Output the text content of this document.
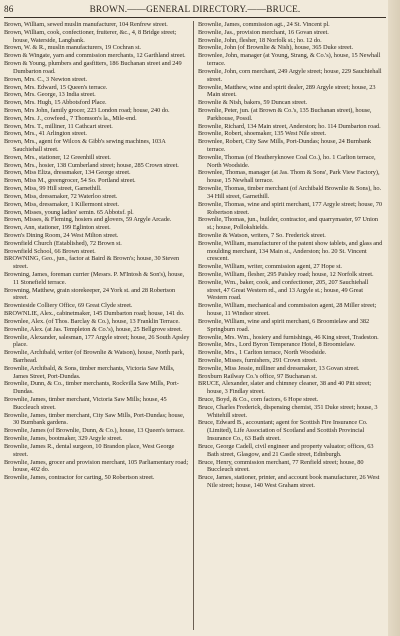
86	BROWN.——GENERAL DIRECTORY.——BRUCE.

Brown, William, sewed muslin manufacturer, 104 Renfrew street.

Brown, William, cook, confectioner, fruiterer, &c., 4, 8 Bridge street; house, Waterside, Langbank.

Brown, W. & R., muslin manufacturers, 19 Cochran st.

Brown & Wingate, yarn and commission merchants, 12 Garthland street.

Brown & Young, plumbers and gasfitters, 186 Buchanan street and 249 Dumbarton road.

Brown, Mrs. C., 3 Newton street.

Brown, Mrs. Edward, 15 Queen's terrace.

Brown, Mrs. George, 13 India street.

Brown, Mrs. Hugh, 15 Abbotsford Place.

Brown, Mrs John, family grocer, 223 London road; house, 240 do.

Brown, Mrs. J., cowfeed., 7 Thomson's la., Mile-end.

Brown, Mrs. T., milliner, 11 Cathcart street.

Brown, Mrs., 41 Arlington street.

Brown, Mrs., agent for Wilcox & Gibb's sewing machines, 103A Sauchiehall street.

Brown, Mrs., stationer, 12 Greenhill street.

Brown, Mrs., hosier, 138 Cumberland street; house, 285 Crown street.

Brown, Miss Eliza, dressmaker, 134 George street.

Brown, Miss M., greengrocer, 54 So. Portland street.

Brown, Miss, 99 Hill street, Garnethill.

Brown, Miss, dressmaker, 72 Waterloo street.

Brown, Miss, dressmaker, 1 Killermont street.

Brown, Misses, young ladies' semin. 65 Abbotsf. pl.

Brown, Misses, & Fleming, hosiers and glovers, 59 Argyle Arcade.

Brown, Ann, stationer, 199 Eglinton street.

Brown's Dining Room, 24 West Milton street.

Brownfield Church (Established), 72 Brown st.

Brownfield School, 66 Brown street.

BROWNING, Geo., jun., factor at Baird & Brown's; house, 30 Steven street.

Browning, James, foreman currier (Messrs. P. M'Intosh & Son's), house, 11 Stonefield terrace.

Browning, Matthew, grain storekeeper, 24 York st. and 28 Robertson street.

Brownieside Colliery Office, 69 Great Clyde street.

BROWNLIE, Alex., cabinetmaker, 145 Dumbarton road; house, 141 do.

Brownlee, Alex. (of Thos. Barclay & Co.), house, 13 Franklin Terrace.

Brownlie, Alex. (at Jas. Templeton & Co.'s), house, 25 Bellgrove street.

Brownlie, Alexander, salesman, 177 Argyle street; house, 26 South Apsley place.

Brownlie, Archibald, writer (of Brownlie & Watson), house, North park, Barrhead.

Brownlie, Archibald, & Sons, timber merchants, Victoria Saw Mills, James Street, Port-Dundas.

Brownlie, Dunn, & Co., timber merchants, Rockvilla Saw Mills, Port-Dundas.

Brownlie, James, timber merchant, Victoria Saw Mills; house, 45 Buccleuch street.

Brownlie, James, timber merchant, City Saw Mills, Port-Dundas; house, 30 Burnbank gardens.

Brownlie, James (of Brownlie, Dunn, & Co.), house, 13 Queen's terrace.

Brownlie, James, bootmaker, 329 Argyle street.

Brownlie, James R., dental surgeon, 10 Brandon place, West George street.

Brownlie, James, grocer and provision merchant, 105 Parliamentary road; house, 402 do.

Brownlie, James, contractor for carting, 50 Robertson street.

Brownlie, James, commission agt., 24 St. Vincent pl.

Brownlie, Jas., provision merchant, 16 Govan street.

Brownlie, John, flesher, 18 Norfolk st.; ho. 12 do.

Brownlie, John (of Brownlie & Nish), house, 365 Duke street.

Brownlee, John, manager (at Young, Strang, & Co.'s), house, 15 Newhall terrace.

Brownlie, John, corn merchant, 249 Argyle street; house, 229 Sauchiehall street.

Brownlie, Matthew, wine and spirit dealer, 289 Argyle street; house, 23 Main street.

Brownlie & Nish, bakers, 59 Duncan street.

Brownlie, Peter, jun. (at Brown & Co.'s, 135 Buchanan street), house, Parkhouse, Possil.

Brownlie, Richard, 134 Main street, Anderston; ho. 114 Dumbarton road.

Brownlie, Robert, shoemaker, 135 West Nile street.

Brownlee, Robert, City Saw Mills, Port-Dundas; house, 24 Burnbank terrace.

Brownlie, Thomas (of Heatheryknowe Coal Co.), ho. 1 Carlton terrace, North Woodside.

Brownlee, Thomas, manager (at Jas. Thom & Sons', Park View Factory), house, 15 Newhall terrace.

Brownlie, Thomas, timber merchant (of Archibald Brownlie & Sons), ho. 34 Hill street, Garnethill.

Brownlie, Thomas, wine and spirit merchant, 177 Argyle street; house, 70 Robertson street.

Brownlie, Thomas, jun., builder, contractor, and quarrymaster, 97 Union st.; house, Pollokshields.

Brownlie & Watson, writers, 7 So. Frederick street.

Brownlie, William, manufacturer of the patent show tablets, and glass and moulding merchant, 134 Main st., Anderston; ho. 20 St. Vincent crescent.

Brownlie, William, writer, commission agent, 27 Hope st.

Brownlie, William, flesher, 295 Paisley road; house, 12 Norfolk street.

Brownlie, Wm., baker, cook, and confectioner, 205, 207 Sauchiehall street, 47 Great Western rd., and 13 Argyle st.; house, 49 Great Western road.

Brownlie, William, mechanical and commission agent, 28 Miller street; house, 11 Windsor street.

Brownlie, William, wine and spirit merchant, 6 Broomielaw and 382 Springburn road.

Brownlie, Mrs. Wm., hosiery and furnishings, 46 King street, Tradeston.

Brownlie, Mrs., Lord Byron Temperance Hotel, 8 Broomielaw.

Brownlie, Mrs., 1 Carlton terrace, North Woodside.

Brownlie, Misses, furnishers, 291 Crown street.

Brownlie, Miss Jessie, milliner and dressmaker, 13 Govan street.

Broxburn Railway Co.'s office, 97 Buchanan st.

BRUCE, Alexander, slater and chimney cleaner, 38 and 40 Pitt street; house, 3 Findlay street.

Bruce, Boyd, & Co., corn factors, 6 Hope street.

Bruce, Charles Frederick, dispensing chemist, 351 Duke street; house, 3 Whitehill street.

Bruce, Edward B., accountant; agent for Scottish Fire Insurance Co. (Limited), Life Association of Scotland and Scottish Provincial Insurance Co., 63 Bath street.

Bruce, George Cadell, civil engineer and property valuator; offices, 63 Bath street, Glasgow, and 21 Castle street, Edinburgh.

Bruce, Henry, commission merchant, 77 Renfield street; house, 80 Buccleuch street.

Bruce, James, stationer, printer, and account book manufacturer, 26 West Nile street; house, 140 West Graham street.
